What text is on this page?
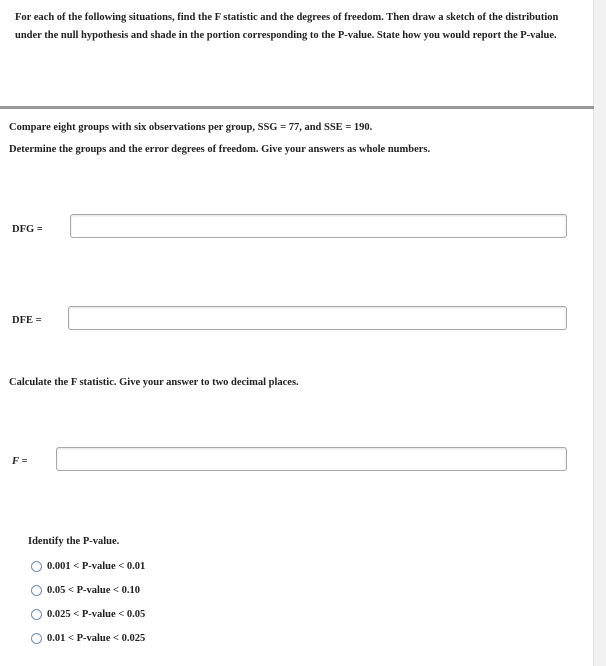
For each of the following situations, find the F statistic and the degrees of freedom. Then draw a sketch of the distribution
under the null hypothesis and shade in the portion corresponding to the P-value. State how you would report the P-value.
Compare eight groups with six observations per group, SSG = 77, and SSE = 190.
Determine the groups and the error degrees of freedom. Give your answers as whole numbers.
DFG =
DFE =
Calculate the F statistic. Give your answer to two decimal places.
F =
Identify the P-value.
0.001 < P-value < 0.01
0.05 < P-value < 0.10
0.025 < P-value < 0.05
0.01 < P-value < 0.025
